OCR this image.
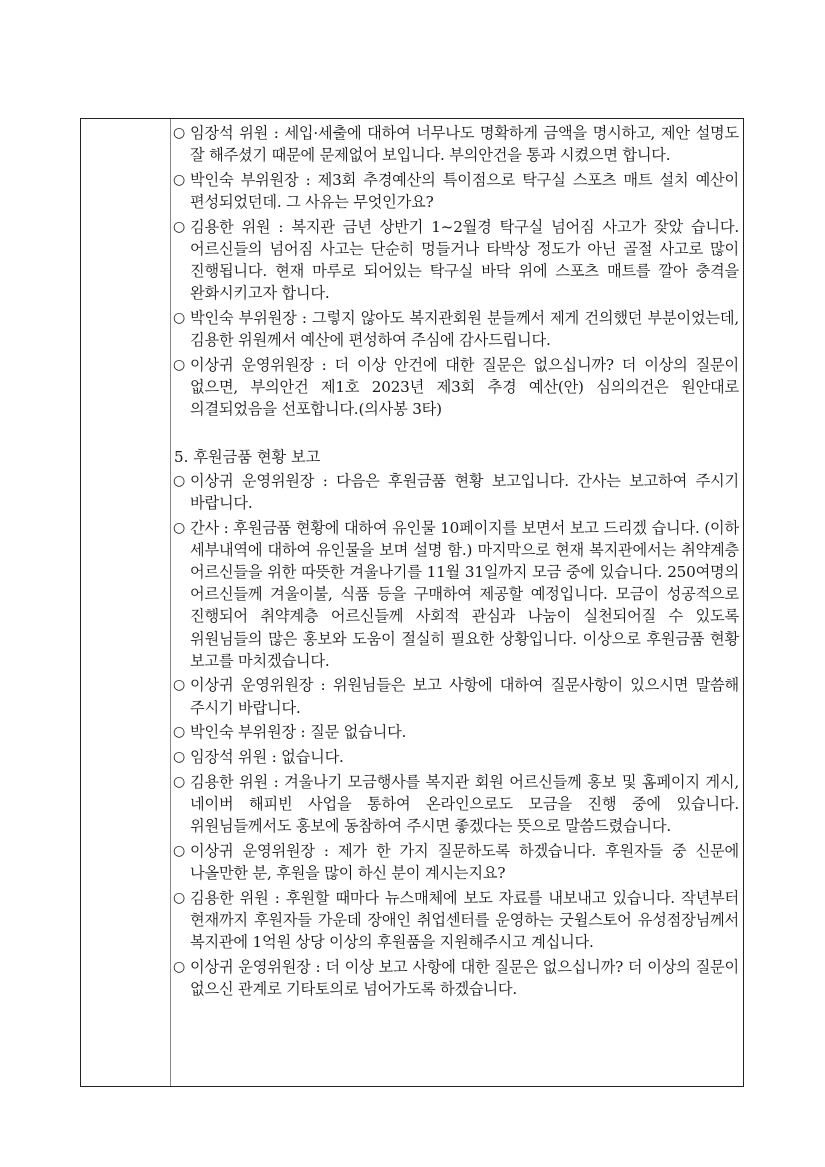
○ 임장석 위원 : 세입·세출에 대하여 너무나도 명확하게 금액을 명시하고, 제안 설명도 잘 해주셨기 때문에 문제없어 보입니다. 부의안건을 통과 시켰으면 합니다.
○ 박인숙 부위원장 : 제3회 추경예산의 특이점으로 탁구실 스포츠 매트 설치 예산이 편성되었던데. 그 사유는 무엇인가요?
○ 김용한 위원 : 복지관 금년 상반기 1~2월경 탁구실 넘어짐 사고가 잦았 습니다. 어르신들의 넘어짐 사고는 단순히 멍들거나 타박상 정도가 아닌 골절 사고로 많이 진행됩니다. 현재 마루로 되어있는 탁구실 바닥 위에 스포츠 매트를 깔아 충격을 완화시키고자 합니다.
○ 박인숙 부위원장 : 그렇지 않아도 복지관회원 분들께서 제게 건의했던 부분이었는데, 김용한 위원께서 예산에 편성하여 주심에 감사드립니다.
○ 이상귀 운영위원장 : 더 이상 안건에 대한 질문은 없으십니까? 더 이상의 질문이 없으면, 부의안건 제1호 2023년 제3회 추경 예산(안) 심의의건은 원안대로 의결되었음을 선포합니다.(의사봉 3타)
5. 후원금품 현황 보고
○ 이상귀 운영위원장 : 다음은 후원금품 현황 보고입니다. 간사는 보고하여 주시기 바랍니다.
○ 간사 : 후원금품 현황에 대하여 유인물 10페이지를 보면서 보고 드리겠 습니다. (이하 세부내역에 대하여 유인물을 보며 설명 함.) 마지막으로 현재 복지관에서는 취약계층 어르신들을 위한 따뜻한 겨울나기를 11월 31일까지 모금 중에 있습니다. 250여명의 어르신들께 겨울이불, 식품 등을 구매하여 제공할 예정입니다. 모금이 성공적으로 진행되어 취약계층 어르신들께 사회적 관심과 나눔이 실천되어질 수 있도록 위원님들의 많은 홍보와 도움이 절실히 필요한 상황입니다. 이상으로 후원금품 현황 보고를 마치겠습니다.
○ 이상귀 운영위원장 : 위원님들은 보고 사항에 대하여 질문사항이 있으시면 말씀해 주시기 바랍니다.
○ 박인숙 부위원장 : 질문 없습니다.
○ 임장석 위원 : 없습니다.
○ 김용한 위원 : 겨울나기 모금행사를 복지관 회원 어르신들께 홍보 및 홈페이지 게시, 네이버 해피빈 사업을 통하여 온라인으로도 모금을 진행 중에 있습니다. 위원님들께서도 홍보에 동참하여 주시면 좋겠다는 뜻으로 말씀드렸습니다.
○ 이상귀 운영위원장 : 제가 한 가지 질문하도록 하겠습니다. 후원자들 중 신문에 나올만한 분, 후원을 많이 하신 분이 계시는지요?
○ 김용한 위원 : 후원할 때마다 뉴스매체에 보도 자료를 내보내고 있습니다. 작년부터 현재까지 후원자들 가운데 장애인 취업센터를 운영하는 굿윌스토어 유성점장님께서 복지관에 1억원 상당 이상의 후원품을 지원해주시고 계십니다.
○ 이상귀 운영위원장 : 더 이상 보고 사항에 대한 질문은 없으십니까? 더 이상의 질문이 없으신 관계로 기타토의로 넘어가도록 하겠습니다.
